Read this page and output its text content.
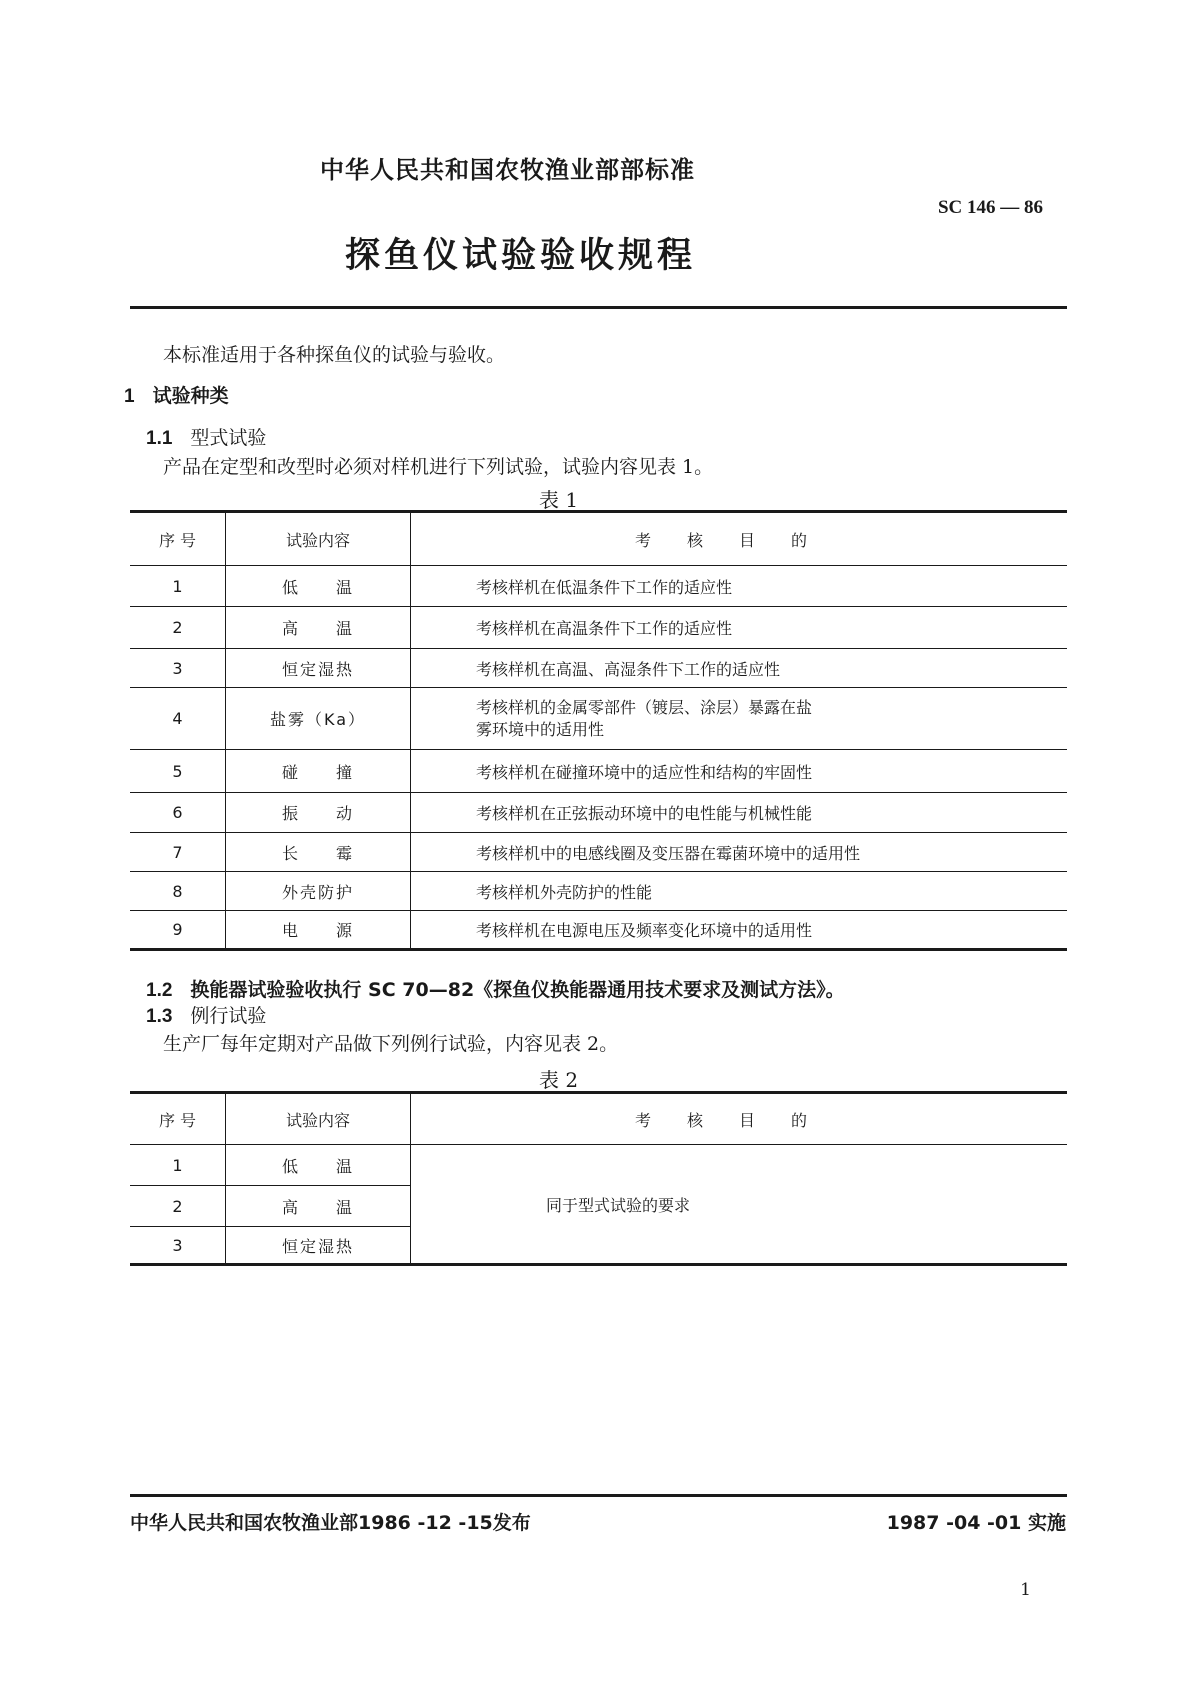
中华人民共和国农牧渔业部部标准
SC 146 — 86
探鱼仪试验验收规程
本标准适用于各种探鱼仪的试验与验收。
1 试验种类
1.1 型式试验
产品在定型和改型时必须对样机进行下列试验，试验内容见表 1。
表 1
序 号	试验内容	考核目的
1	低　　温	考核样机在低温条件下工作的适应性
2	高　　温	考核样机在高温条件下工作的适应性
3	恒定湿热	考核样机在高温、高湿条件下工作的适应性
4	盐雾（Ka）	考核样机的金属零部件（镀层、涂层）暴露在盐
雾环境中的适用性

5	碰　　撞	考核样机在碰撞环境中的适应性和结构的牢固性
6	振　　动	考核样机在正弦振动环境中的电性能与机械性能
7	长　　霉	考核样机中的电感线圈及变压器在霉菌环境中的适用性
8	外壳防护	考核样机外壳防护的性能
9	电　　源	考核样机在电源电压及频率变化环境中的适用性
1.2 换能器试验验收执行 SC 70—82《探鱼仪换能器通用技术要求及测试方法》。
1.3 例行试验
生产厂每年定期对产品做下列例行试验，内容见表 2。
表 2
序 号	试验内容	考核目的
1	低　　温	同于型式试验的要求
2	高　　温	
3	恒定湿热	
中华人民共和国农牧渔业部1986 -12 -15发布	1987 -04 -01 实施
1
